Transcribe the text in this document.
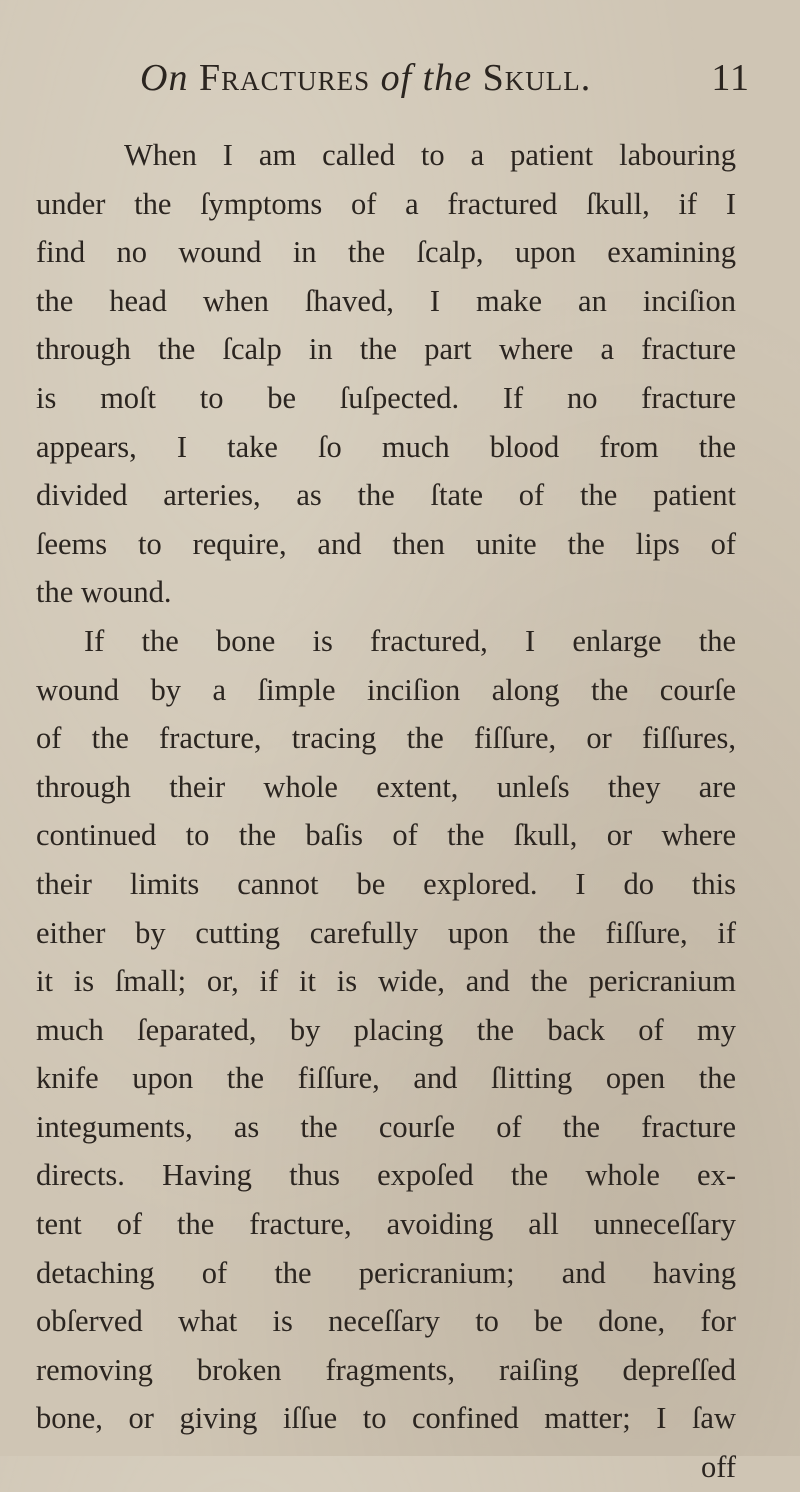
On Fractures of the Skull.	11
When I am called to a patient labouring
under the ſymptoms of a fractured ſkull, if I
find no wound in the ſcalp, upon examining
the head when ſhaved, I make an inciſion
through the ſcalp in the part where a fracture
is moſt to be ſuſpected. If no fracture
appears, I take ſo much blood from the
divided arteries, as the ſtate of the patient
ſeems to require, and then unite the lips of
the wound.
If the bone is fractured, I enlarge the
wound by a ſimple inciſion along the courſe
of the fracture, tracing the fiſſure, or fiſſures,
through their whole extent, unleſs they are
continued to the baſis of the ſkull, or where
their limits cannot be explored. I do this
either by cutting carefully upon the fiſſure, if
it is ſmall; or, if it is wide, and the pericranium
much ſeparated, by placing the back of my
knife upon the fiſſure, and ſlitting open the
integuments, as the courſe of the fracture
directs. Having thus expoſed the whole ex-
tent of the fracture, avoiding all unneceſſary
detaching of the pericranium; and having
obſerved what is neceſſary to be done, for
removing broken fragments, raiſing depreſſed
bone, or giving iſſue to confined matter; I ſaw
off
